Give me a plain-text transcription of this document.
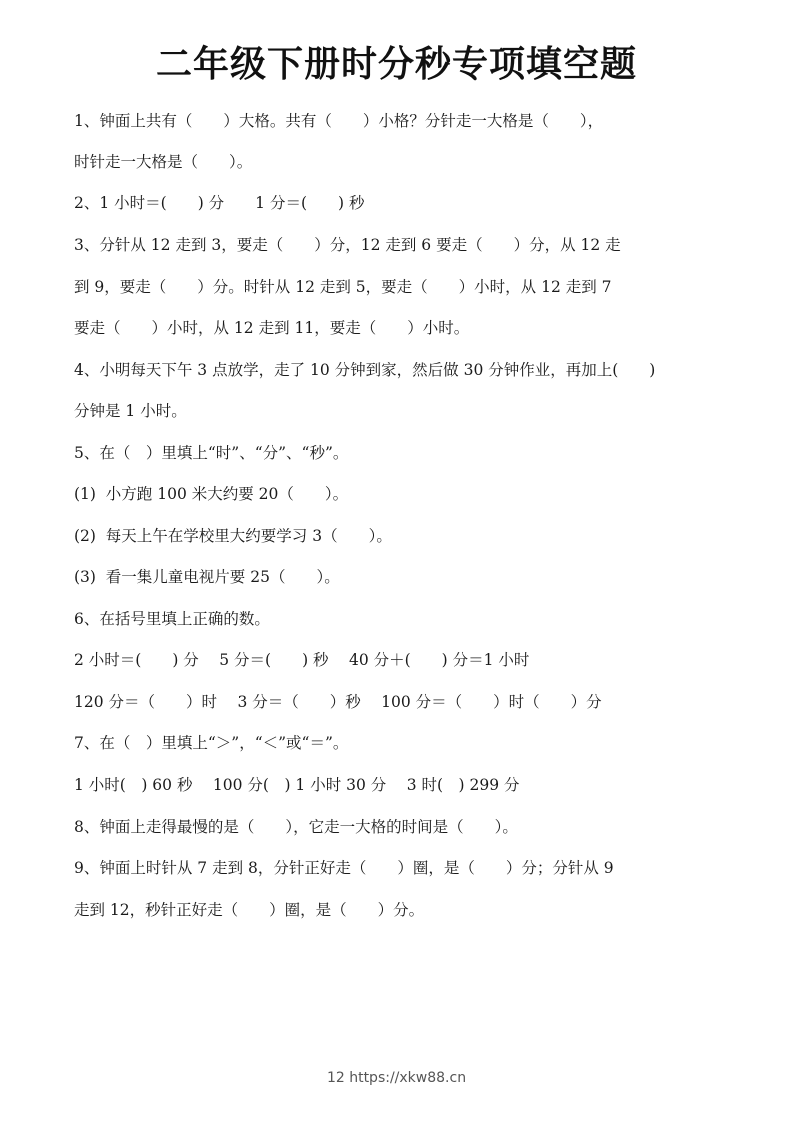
二年级下册时分秒专项填空题
1、钟面上共有（　　）大格。共有（　　）小格？分针走一大格是（　　），
时针走一大格是（　　）。
2、1 小时＝(　　) 分　　1 分＝(　　) 秒
3、分针从 12 走到 3，要走（　　）分，12 走到 6 要走（　　）分，从 12 走
到 9，要走（　　）分。时针从 12 走到 5，要走（　　）小时，从 12 走到 7
要走（　　）小时，从 12 走到 11，要走（　　）小时。
4、小明每天下午 3 点放学，走了 10 分钟到家，然后做 30 分钟作业，再加上(　　)
分钟是 1 小时。
5、在（　）里填上“时”、“分”、“秒”。
(1)  小方跑 100 米大约要 20（　　）。
(2)  每天上午在学校里大约要学习 3（　　）。
(3)  看一集儿童电视片要 25（　　）。
6、在括号里填上正确的数。
2 小时＝(　　) 分　 5 分＝(　　) 秒　 40 分＋(　　) 分＝1 小时
120 分＝（　　）时　 3 分＝（　　）秒　 100 分＝（　　）时（　　）分
7、在（　）里填上“＞”，“＜”或“＝”。
1 小时(　) 60 秒　 100 分(　) 1 小时 30 分　 3 时(　) 299 分
8、钟面上走得最慢的是（　　），它走一大格的时间是（　　）。
9、钟面上时针从 7 走到 8，分针正好走（　　）圈，是（　　）分；分针从 9
走到 12，秒针正好走（　　）圈，是（　　）分。
12 https://xkw88.cn
